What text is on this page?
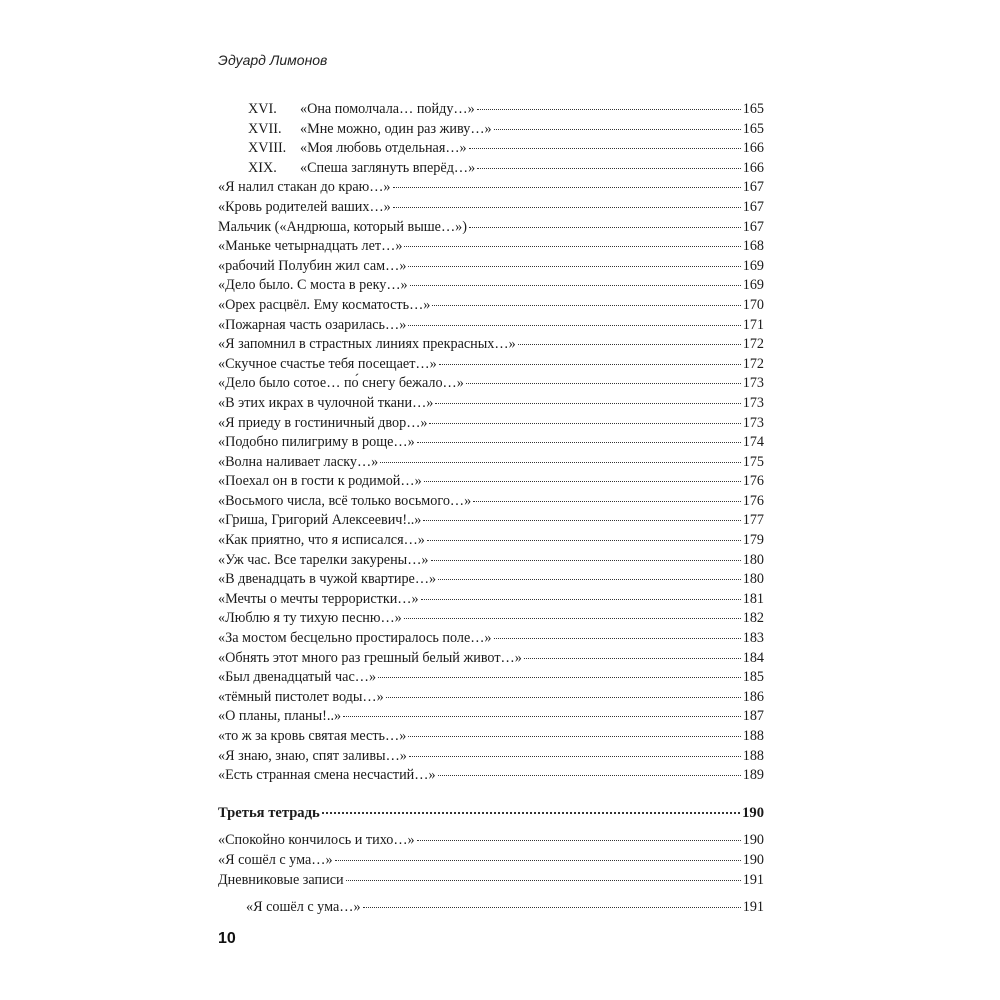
Эдуард Лимонов
XVI.	«Она помолчала… пойду…»	165
XVII.	«Мне можно, один раз живу…»	165
XVIII. «Моя любовь отдельная…»	166
XIX.	«Спеша заглянуть вперёд…»	166
«Я налил стакан до краю…»	167
«Кровь родителей ваших…»	167
Мальчик («Андрюша, который выше…»)	167
«Маньке четырнадцать лет…»	168
«рабочий Полубин жил сам…»	169
«Дело было. С моста в реку…»	169
«Орех расцвёл. Ему косматость…»	170
«Пожарная часть озарилась…»	171
«Я запомнил в страстных линиях прекрасных…»	172
«Скучное счастье тебя посещает…»	172
«Дело было сотое… по́ снегу бежало…»	173
«В этих икрах в чулочной ткани…»	173
«Я приеду в гостиничный двор…»	173
«Подобно пилигриму в роще…»	174
«Волна наливает ласку…»	175
«Поехал он в гости к родимой…»	176
«Восьмого числа, всё только восьмого…»	176
«Гриша, Григорий Алексеевич!..»	177
«Как приятно, что я исписался…»	179
«Уж час. Все тарелки закурены…»	180
«В двенадцать в чужой квартире…»	180
«Мечты о мечты террористки…»	181
«Люблю я ту тихую песню…»	182
«За мостом бесцельно простиралось поле…»	183
«Обнять этот много раз грешный белый живот…»	184
«Был двенадцатый час…»	185
«тёмный пистолет воды…»	186
«О планы, планы!..»	187
«то ж за кровь святая месть…»	188
«Я знаю, знаю, спят заливы…»	188
«Есть странная смена несчастий…»	189
Третья тетрадь	190
«Спокойно кончилось и тихо…»	190
«Я сошёл с ума…»	190
Дневниковые записи	191
«Я сошёл с ума…»	191
10
